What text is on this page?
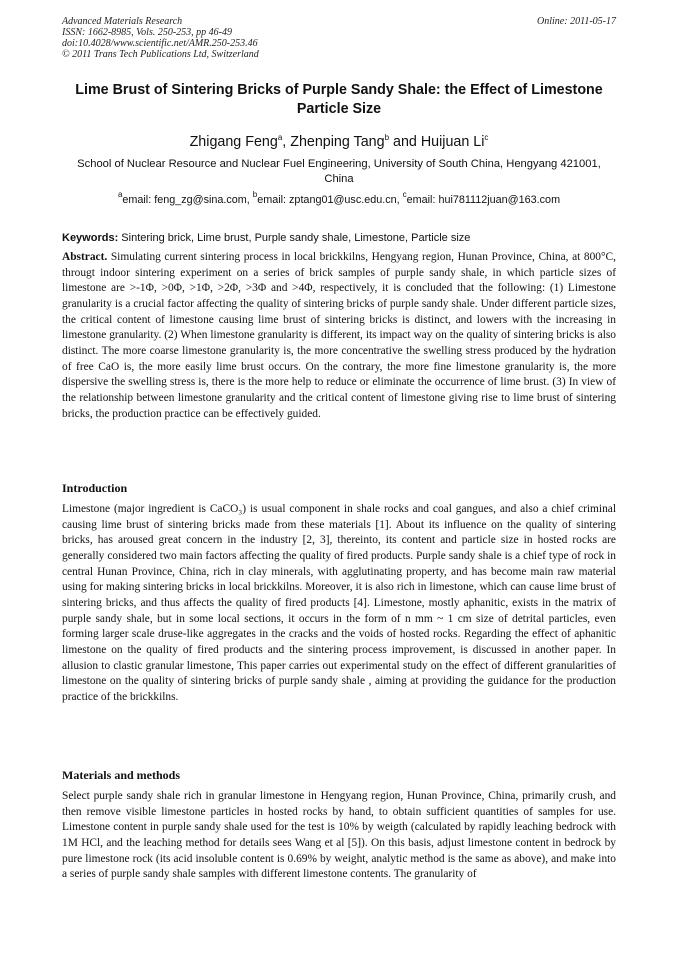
Advanced Materials Research
ISSN: 1662-8985, Vols. 250-253, pp 46-49
doi:10.4028/www.scientific.net/AMR.250-253.46
© 2011 Trans Tech Publications Ltd, Switzerland
Online: 2011-05-17
Lime Brust of Sintering Bricks of Purple Sandy Shale: the Effect of Limestone Particle Size
Zhigang Feng$^a$, Zhenping Tang$^b$ and Huijuan Li$^c$
School of Nuclear Resource and Nuclear Fuel Engineering, University of South China, Hengyang 421001, China
$^a$email: feng_zg@sina.com, $^b$email: zptang01@usc.edu.cn, $^c$email: hui781112juan@163.com
Keywords: Sintering brick, Lime brust, Purple sandy shale, Limestone, Particle size
Abstract. Simulating current sintering process in local brickkilns, Hengyang region, Hunan Province, China, at 800°C, througt indoor sintering experiment on a series of brick samples of purple sandy shale, in which particle sizes of limestone are >-1Φ, >0Φ, >1Φ, >2Φ, >3Φ and >4Φ, respectively, it is concluded that the following: (1) Limestone granularity is a crucial factor affecting the quality of sintering bricks of purple sandy shale. Under different particle sizes, the critical content of limestone causing lime brust of sintering bricks is distinct, and lowers with the increasing in limestone granularity. (2) When limestone granularity is different, its impact way on the quality of sintering bricks is also distinct. The more coarse limestone granularity is, the more concentrative the swelling stress produced by the hydration of free CaO is, the more easily lime brust occurs. On the contrary, the more fine limestone granularity is, the more dispersive the swelling stress is, there is the more help to reduce or eliminate the occurrence of lime brust. (3) In view of the relationship between limestone granularity and the critical content of limestone giving rise to lime brust of sintering bricks, the production practice can be effectively guided.
Introduction
Limestone (major ingredient is CaCO₃) is usual component in shale rocks and coal gangues, and also a chief criminal causing lime brust of sintering bricks made from these materials [1]. About its influence on the quality of sintering bricks, has aroused great concern in the industry [2, 3], thereinto, its content and particle size in hosted rocks are generally considered two main factors affecting the quality of fired products. Purple sandy shale is a chief type of rock in central Hunan Province, China, rich in clay minerals, with agglutinating property, and has become main raw material using for making sintering bricks in local brickkilns. Moreover, it is also rich in limestone, which can cause lime brust of sintering bricks, and thus affects the quality of fired products [4]. Limestone, mostly aphanitic, exists in the matrix of purple sandy shale, but in some local sections, it occurs in the form of n mm ~ 1 cm size of detrital particles, even forming larger scale druse-like aggregates in the cracks and the voids of hosted rocks. Regarding the effect of aphanitic limestone on the quality of fired products and the sintering process improvement, is discussed in another paper. In allusion to clastic granular limestone, This paper carries out experimental study on the effect of different granularities of limestone on the quality of sintering bricks of purple sandy shale , aiming at providing the guidance for the production practice of the brickkilns.
Materials and methods
Select purple sandy shale rich in granular limestone in Hengyang region, Hunan Province, China, primarily crush, and then remove visible limestone particles in hosted rocks by hand, to obtain sufficient quantities of samples for use. Limestone content in purple sandy shale used for the test is 10% by weigth (calculated by rapidly leaching bedrock with 1M HCl, and the leaching method for details sees Wang et al [5]). On this basis, adjust limestone content in bedrock by pure limestone rock (its acid insoluble content is 0.69% by weight, analytic method is the same as above), and make into a series of purple sandy shale samples with different limestone contents. The granularity of
